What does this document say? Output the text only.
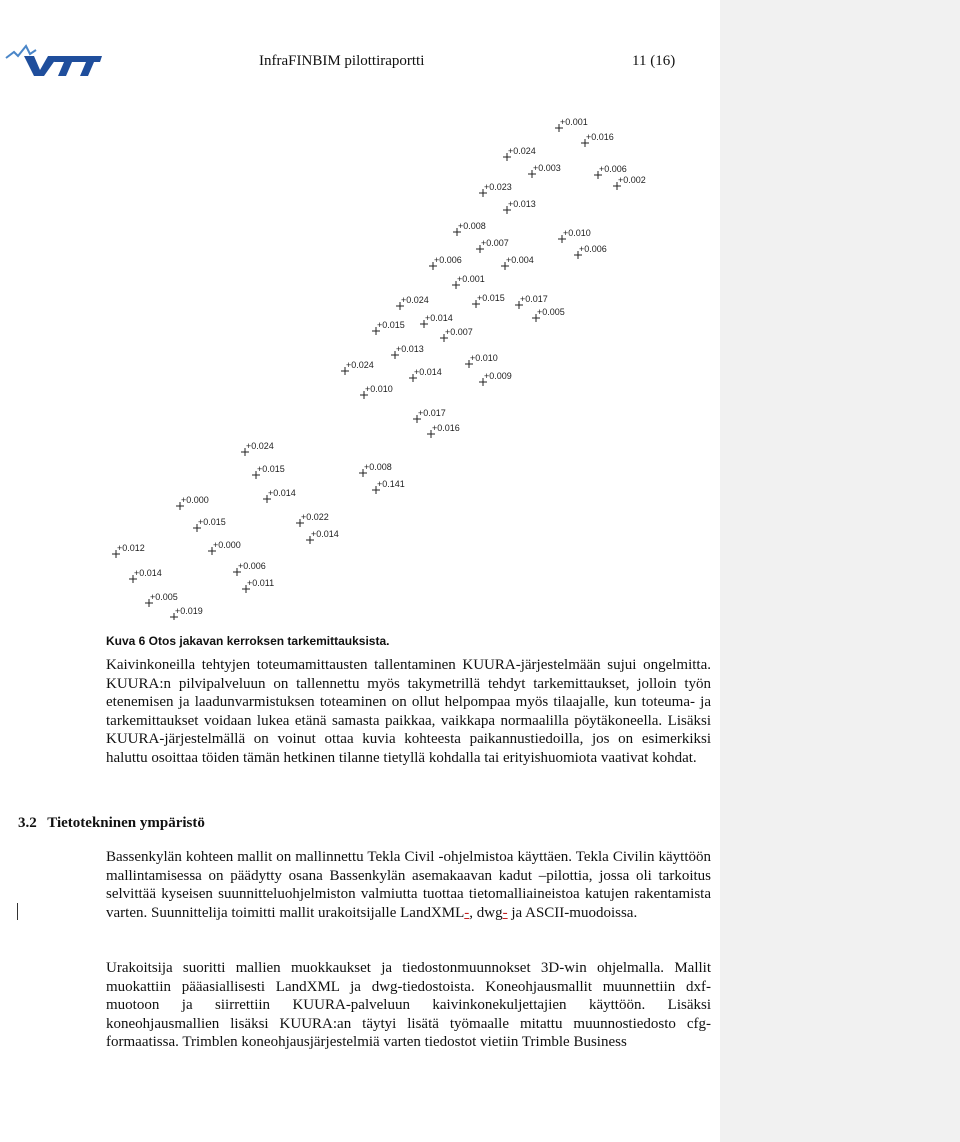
InfraFINBIM pilottiraportti	11 (16)
+0.001
+0.016
+0.024
+0.003	+0.006
+0.002
+0.023
+0.013
+0.008
+0.010
+0.007
+0.006
+0.006	+0.004
+0.001
+0.024	+0.015 +0.017
+0.005
+0.014
+0.015
+0.007
+0.013
+0.010
+0.024
+0.014	+0.009
+0.010
+0.017
+0.016
+0.024
+0.015	+0.008
+0.141
+0.014
+0.000
+0.022
+0.015
+0.014
+0.012	+0.000
+0.006
+0.014
+0.011
+0.005
+0.019
Kuva 6 Otos jakavan kerroksen tarkemittauksista.

Kaivinkoneilla tehtyjen toteumamittausten tallentaminen KUURA-järjestelmään sujui ongelmitta. KUURA:n pilvipalveluun on tallennettu myös takymetrillä tehdyt tarkemittaukset, jolloin työn etenemisen ja laadunvarmistuksen toteaminen on ollut helpompaa myös tilaajalle, kun toteuma- ja tarkemittaukset voidaan lukea etänä samasta paikkaa, vaikkapa normaalilla pöytäkoneella. Lisäksi KUURA-järjestelmällä on voinut ottaa kuvia kohteesta paikannustiedoilla, jos on esimerkiksi haluttu osoittaa töiden tämän hetkinen tilanne tietyllä kohdalla tai erityishuomiota vaativat kohdat.

3.2 Tietotekninen ympäristö

Bassenkylän kohteen mallit on mallinnettu Tekla Civil -ohjelmistoa käyttäen. Tekla Civilin käyttöön mallintamisessa on päädytty osana Bassenkylän asemakaavan kadut –pilottia, jossa oli tarkoitus selvittää kyseisen suunnitteluohjelmiston valmiutta tuottaa tietomalliaineistoa katujen rakentamista varten. Suunnittelija toimitti mallit urakoitsijalle LandXML-, dwg- ja ASCII-muodoissa.

Urakoitsija suoritti mallien muokkaukset ja tiedostonmuunnokset 3D-win ohjelmalla. Mallit muokattiin pääasiallisesti LandXML ja dwg-tiedostoista. Koneohjausmallit muunnettiin dxf-muotoon ja siirrettiin KUURA-palveluun kaivinkonekuljettajien käyttöön. Lisäksi koneohjausmallien lisäksi KUURA:an täytyi lisätä työmaalle mitattu muunnostiedosto cfg-formaatissa. Trimblen koneohjausjärjestelmiä varten tiedostot vietiin Trimble Business
